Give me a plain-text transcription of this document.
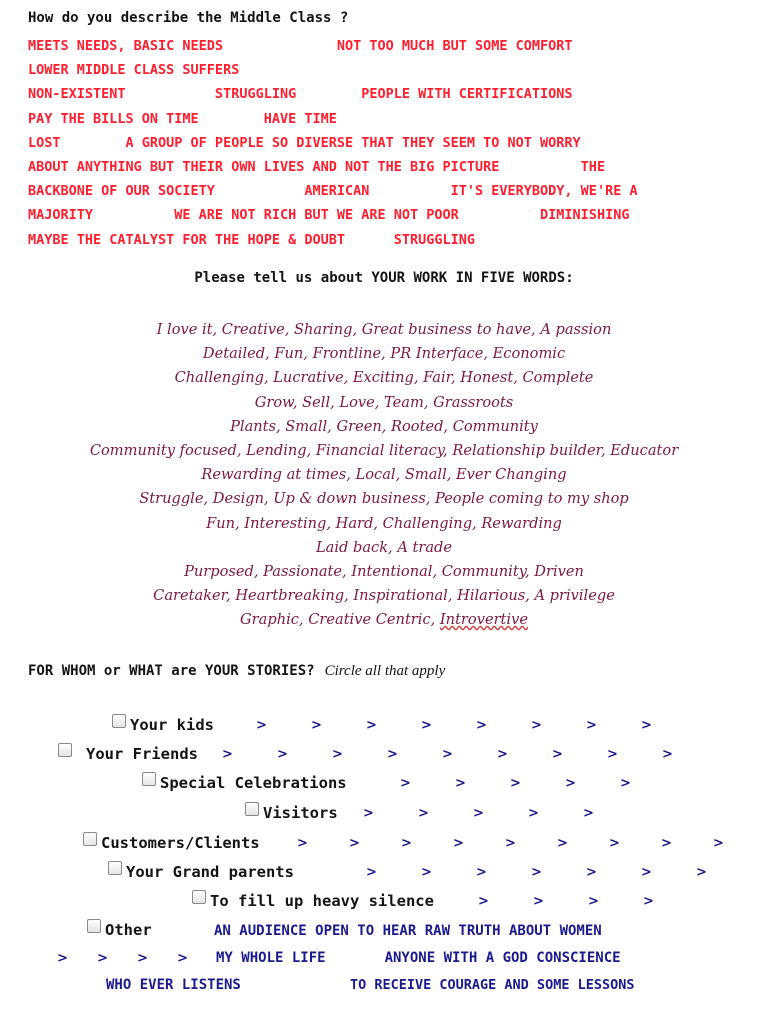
How do you describe the Middle Class ?
MEETS NEEDS, BASIC NEEDS              NOT TOO MUCH BUT SOME COMFORT
LOWER MIDDLE CLASS SUFFERS
NON-EXISTENT           STRUGGLING        PEOPLE WITH CERTIFICATIONS
PAY THE BILLS ON TIME        HAVE TIME
LOST        A GROUP OF PEOPLE SO DIVERSE THAT THEY SEEM TO NOT WORRY
ABOUT ANYTHING BUT THEIR OWN LIVES AND NOT THE BIG PICTURE          THE
BACKBONE OF OUR SOCIETY           AMERICAN          IT'S EVERYBODY, WE'RE A
MAJORITY          WE ARE NOT RICH BUT WE ARE NOT POOR          DIMINISHING
MAYBE THE CATALYST FOR THE HOPE & DOUBT      STRUGGLING
Please tell us about YOUR WORK IN FIVE WORDS:
I love it, Creative, Sharing, Great business to have, A passion
Detailed, Fun, Frontline, PR Interface, Economic
Challenging, Lucrative, Exciting, Fair, Honest, Complete
Grow, Sell, Love, Team, Grassroots
Plants, Small, Green, Rooted, Community
Community focused, Lending, Financial literacy, Relationship builder, Educator
Rewarding at times, Local, Small, Ever Changing
Struggle, Design, Up & down business, People coming to my shop
Fun, Interesting, Hard, Challenging, Rewarding
Laid back, A trade
Purposed, Passionate, Intentional, Community, Driven
Caretaker, Heartbreaking, Inspirational, Hilarious, A privilege
Graphic, Creative Centric, Introvertive
FOR WHOM or WHAT are YOUR STORIES? Circle all that apply
Your kids	>	>	>	>	>	>	>	>
Your Friends	>	>	>	>	>	>	>	>	>
Special Celebrations	>	>	>	>	>
Visitors	>	>	>	>	>
Customers/Clients	>	>	>	>	>	>	>	>	>
Your Grand parents	>	>	>	>	>	>	>
To fill up heavy silence	>	>	>	>
Other	AN AUDIENCE OPEN TO HEAR RAW TRUTH ABOUT WOMEN
> > > >	MY WHOLE LIFE       ANYONE WITH A GOD CONSCIENCE
WHO EVER LISTENS	TO RECEIVE COURAGE AND SOME LESSONS
